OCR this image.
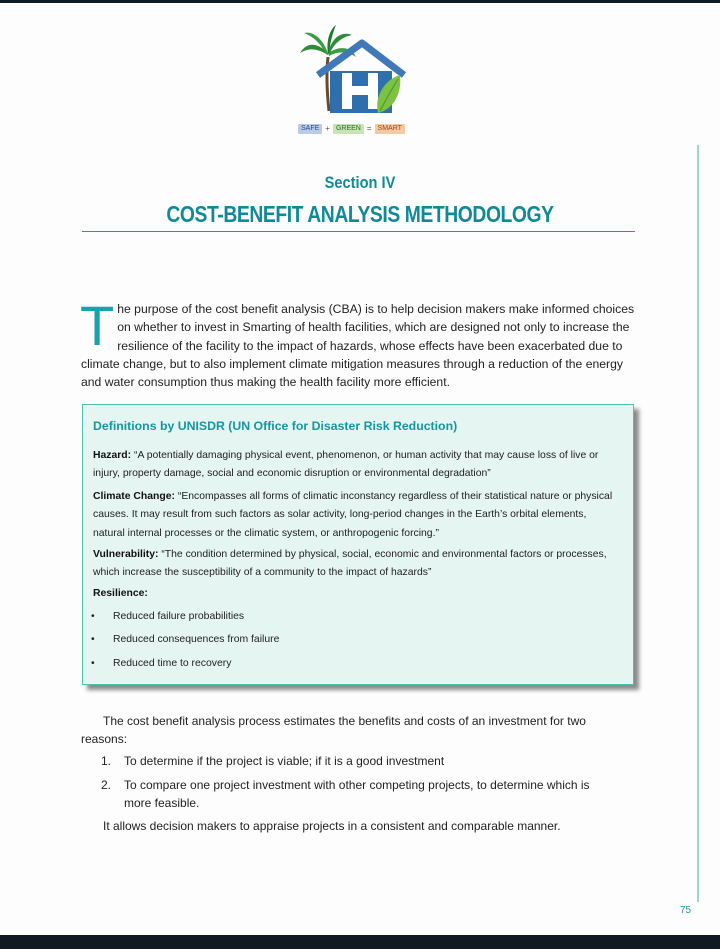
SAFE + GREEN = SMART
Section IV
COST-BENEFIT ANALYSIS METHODOLOGY
T he purpose of the cost benefit analysis (CBA) is to help decision makers make informed choices on whether to invest in Smarting of health facilities, which are designed not only to increase the resilience of the facility to the impact of hazards, whose effects have been exacerbated due to climate change, but to also implement climate mitigation measures through a reduction of the energy and water consumption thus making the health facility more efficient.
Definitions by UNISDR (UN Office for Disaster Risk Reduction)
Hazard: “A potentially damaging physical event, phenomenon, or human activity that may cause loss of live or injury, property damage, social and economic disruption or environmental degradation”
Climate Change: “Encompasses all forms of climatic inconstancy regardless of their statistical nature or physical causes. It may result from such factors as solar activity, long-period changes in the Earth’s orbital elements, natural internal processes or the climatic system, or anthropogenic forcing.”
Vulnerability: “The condition determined by physical, social, economic and environmental factors or processes, which increase the susceptibility of a community to the impact of hazards”
Resilience:
•	Reduced failure probabilities
•	Reduced consequences from failure
•	Reduced time to recovery
The cost benefit analysis process estimates the benefits and costs of an investment for two reasons:
1.	To determine if the project is viable; if it is a good investment
2.	To compare one project investment with other competing projects, to determine which is more feasible.
It allows decision makers to appraise projects in a consistent and comparable manner.
75
